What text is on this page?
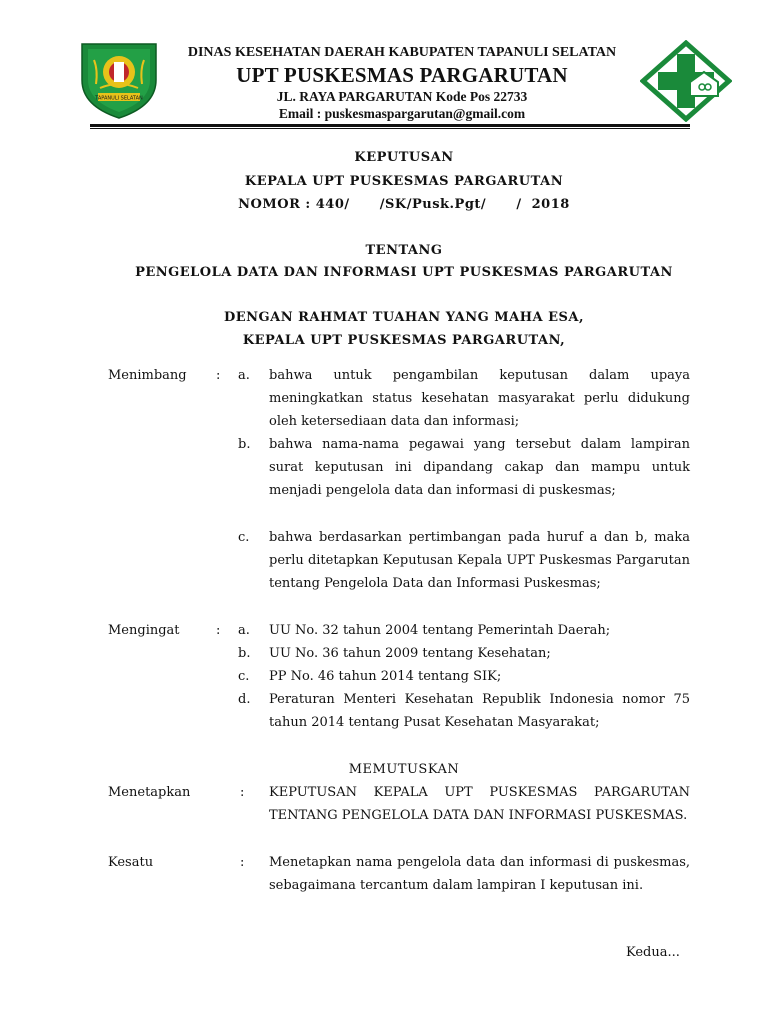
TAPANULI SELATAN
DINAS KESEHATAN DAERAH KABUPATEN TAPANULI SELATAN
UPT PUSKESMAS PARGARUTAN
JL. RAYA PARGARUTAN Kode Pos 22733
Email : puskesmaspargarutan@gmail.com
KEPUTUSAN
KEPALA UPT PUSKESMAS PARGARUTAN
NOMOR : 440/      /SK/Pusk.Pgt/      /  2018
TENTANG
PENGELOLA DATA DAN INFORMASI UPT PUSKESMAS PARGARUTAN
DENGAN RAHMAT TUAHAN YANG MAHA ESA,
KEPALA UPT PUSKESMAS PARGARUTAN,
Menimbang : a. bahwa untuk pengambilan keputusan dalam upaya meningkatkan status kesehatan masyarakat perlu didukung oleh ketersediaan data dan informasi;
b. bahwa nama-nama pegawai yang tersebut dalam lampiran surat keputusan ini dipandang cakap dan mampu untuk menjadi pengelola data dan informasi di puskesmas;
c. bahwa berdasarkan pertimbangan pada huruf a dan b, maka perlu ditetapkan Keputusan Kepala UPT Puskesmas Pargarutan tentang Pengelola Data dan Informasi Puskesmas;
Mengingat	: a. UU No. 32 tahun 2004 tentang Pemerintah Daerah;
b. UU No. 36 tahun 2009 tentang Kesehatan;
c. PP No. 46 tahun 2014 tentang SIK;
d. Peraturan Menteri Kesehatan Republik Indonesia nomor 75 tahun 2014 tentang Pusat Kesehatan Masyarakat;
MEMUTUSKAN
Menetapkan	: KEPUTUSAN KEPALA UPT PUSKESMAS PARGARUTAN TENTANG PENGELOLA DATA DAN INFORMASI PUSKESMAS.
Kesatu	: Menetapkan nama pengelola data dan informasi di puskesmas, sebagaimana tercantum dalam lampiran I keputusan ini.
Kedua...
